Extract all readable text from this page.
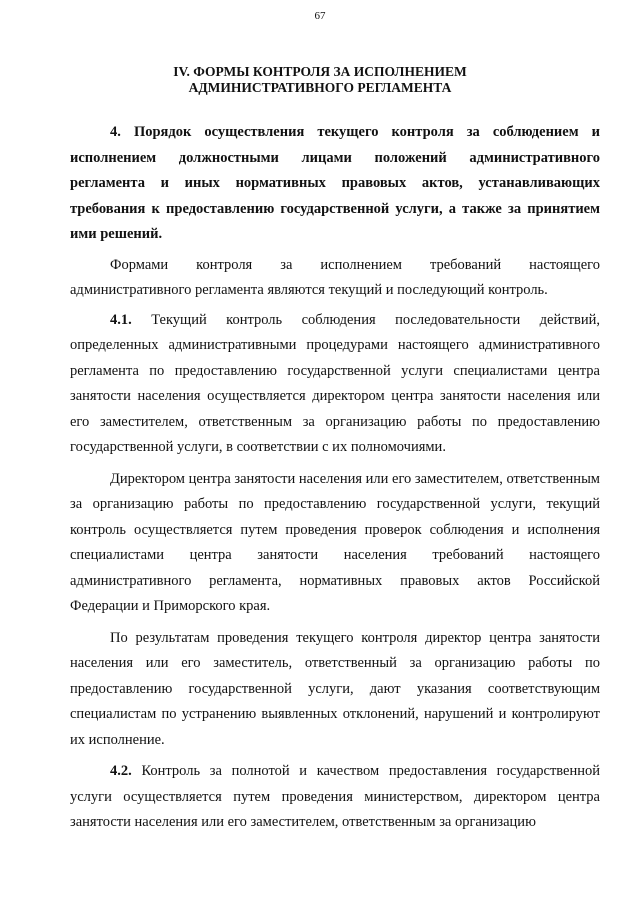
67
IV. ФОРМЫ КОНТРОЛЯ ЗА ИСПОЛНЕНИЕМ
АДМИНИСТРАТИВНОГО РЕГЛАМЕНТА

4. Порядок осуществления текущего контроля за соблюдением и исполнением должностными лицами положений административного регламента и иных нормативных правовых актов, устанавливающих требования к предоставлению государственной услуги, а также за принятием ими решений.

Формами контроля за исполнением требований настоящего административного регламента являются текущий и последующий контроль.

4.1. Текущий контроль соблюдения последовательности действий, определенных административными процедурами настоящего административного регламента по предоставлению государственной услуги специалистами центра занятости населения осуществляется директором центра занятости населения или его заместителем, ответственным за организацию работы по предоставлению государственной услуги, в соответствии с их полномочиями.

Директором центра занятости населения или его заместителем, ответственным за организацию работы по предоставлению государственной услуги, текущий контроль осуществляется путем проведения проверок соблюдения и исполнения специалистами центра занятости населения требований настоящего административного регламента, нормативных правовых актов Российской Федерации и Приморского края.

По результатам проведения текущего контроля директор центра занятости населения или его заместитель, ответственный за организацию работы по предоставлению государственной услуги, дают указания соответствующим специалистам по устранению выявленных отклонений, нарушений и контролируют их исполнение.

4.2. Контроль за полнотой и качеством предоставления государственной услуги осуществляется путем проведения министерством, директором центра занятости населения или его заместителем, ответственным за организацию
